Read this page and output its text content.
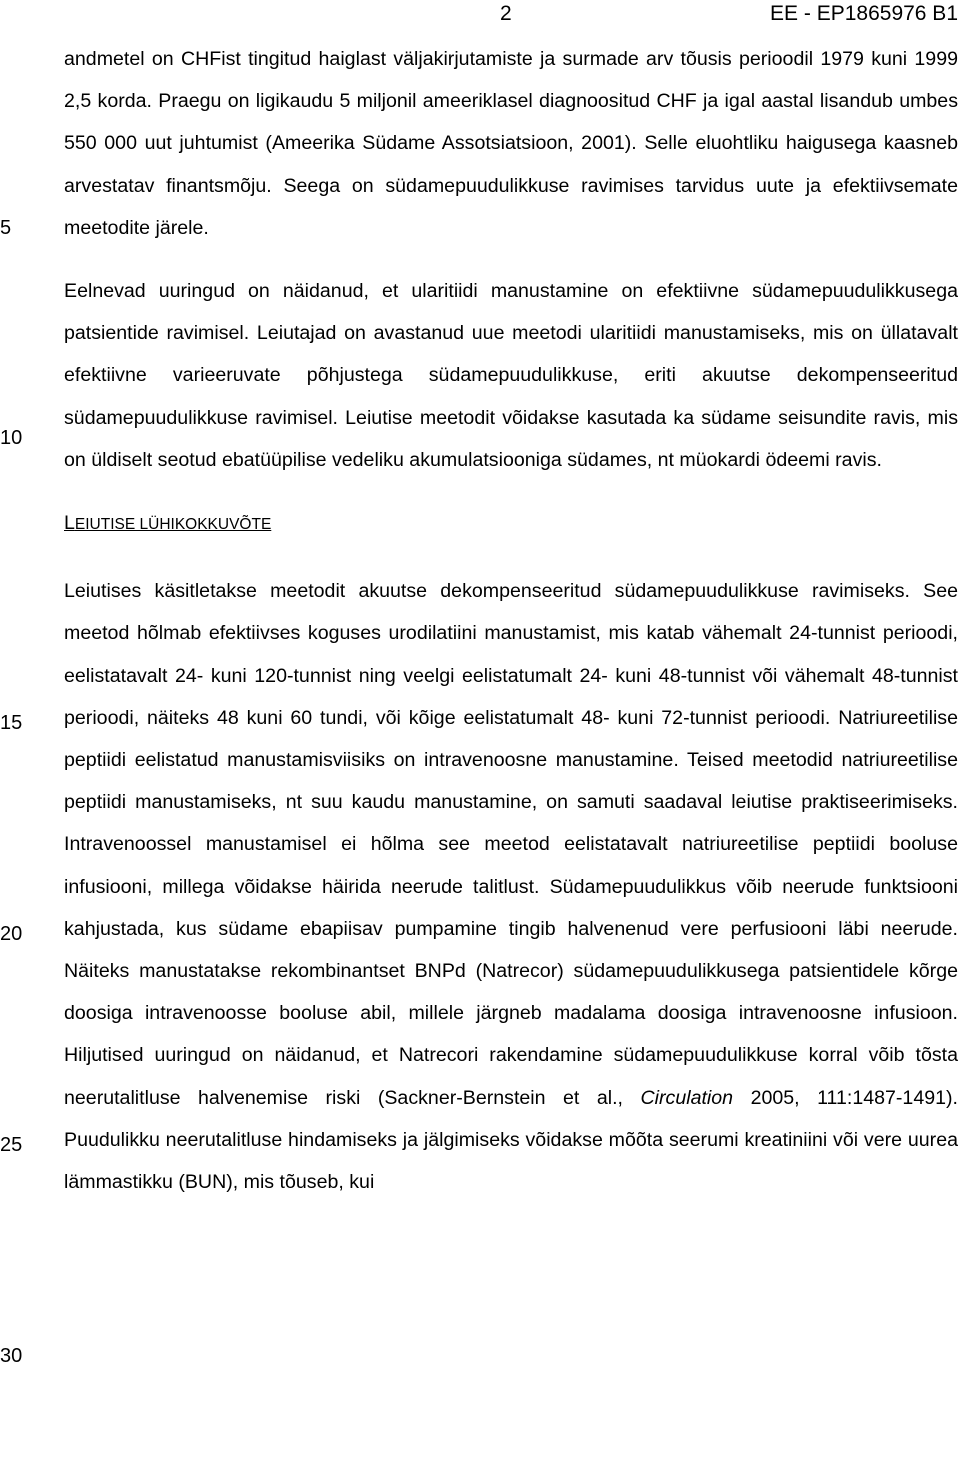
2	EE - EP1865976 B1
5
10
15
20
25
30

andmetel on CHFist tingitud haiglast väljakirjutamiste ja surmade arv tõusis perioodil 1979 kuni 1999 2,5 korda. Praegu on ligikaudu 5 miljonil ameeriklasel diagnoositud CHF ja igal aastal lisandub umbes 550 000 uut juhtumist (Ameerika Südame Assotsiatsioon, 2001). Selle eluohtliku haigusega kaasneb arvestatav finantsmõju. Seega on südamepuudulikkuse ravimises tarvidus uute ja efektiivsemate meetodite järele.

Eelnevad uuringud on näidanud, et ularitiidi manustamine on efektiivne südamepuudulikkusega patsientide ravimisel. Leiutajad on avastanud uue meetodi ularitiidi manustamiseks, mis on üllatavalt efektiivne varieeruvate põhjustega südamepuudulikkuse, eriti akuutse dekompenseeritud südamepuudulikkuse ravimisel. Leiutise meetodit võidakse kasutada ka südame seisundite ravis, mis on üldiselt seotud ebatüüpilise vedeliku akumulatsiooniga südames, nt müokardi ödeemi ravis.

LEIUTISE LÜHIKOKKUVÕTE

Leiutises käsitletakse meetodit akuutse dekompenseeritud südamepuudulikkuse ravimiseks. See meetod hõlmab efektiivses koguses urodilatiini manustamist, mis katab vähemalt 24-tunnist perioodi, eelistatavalt 24- kuni 120-tunnist ning veelgi eelistatumalt 24- kuni 48-tunnist või vähemalt 48-tunnist perioodi, näiteks 48 kuni 60 tundi, või kõige eelistatumalt 48- kuni 72-tunnist perioodi. Natriureetilise peptiidi eelistatud manustamisviisiks on intravenoosne manustamine. Teised meetodid natriureetilise peptiidi manustamiseks, nt suu kaudu manustamine, on samuti saadaval leiutise praktiseerimiseks. Intravenoossel manustamisel ei hõlma see meetod eelistatavalt natriureetilise peptiidi booluse infusiooni, millega võidakse häirida neerude talitlust. Südamepuudulikkus võib neerude funktsiooni kahjustada, kus südame ebapiisav pumpamine tingib halvenenud vere perfusiooni läbi neerude. Näiteks manustatakse rekombinantset BNPd (Natrecor) südamepuudulikkusega patsientidele kõrge doosiga intravenoosse booluse abil, millele järgneb madalama doosiga intravenoosne infusioon. Hiljutised uuringud on näidanud, et Natrecori rakendamine südamepuudulikkuse korral võib tõsta neerutalitluse halvenemise riski (Sackner-Bernstein et al., Circulation 2005, 111:1487-1491). Puudulikku neerutalitluse hindamiseks ja jälgimiseks võidakse mõõta seerumi kreatiniini või vere uurea lämmastikku (BUN), mis tõuseb, kui
